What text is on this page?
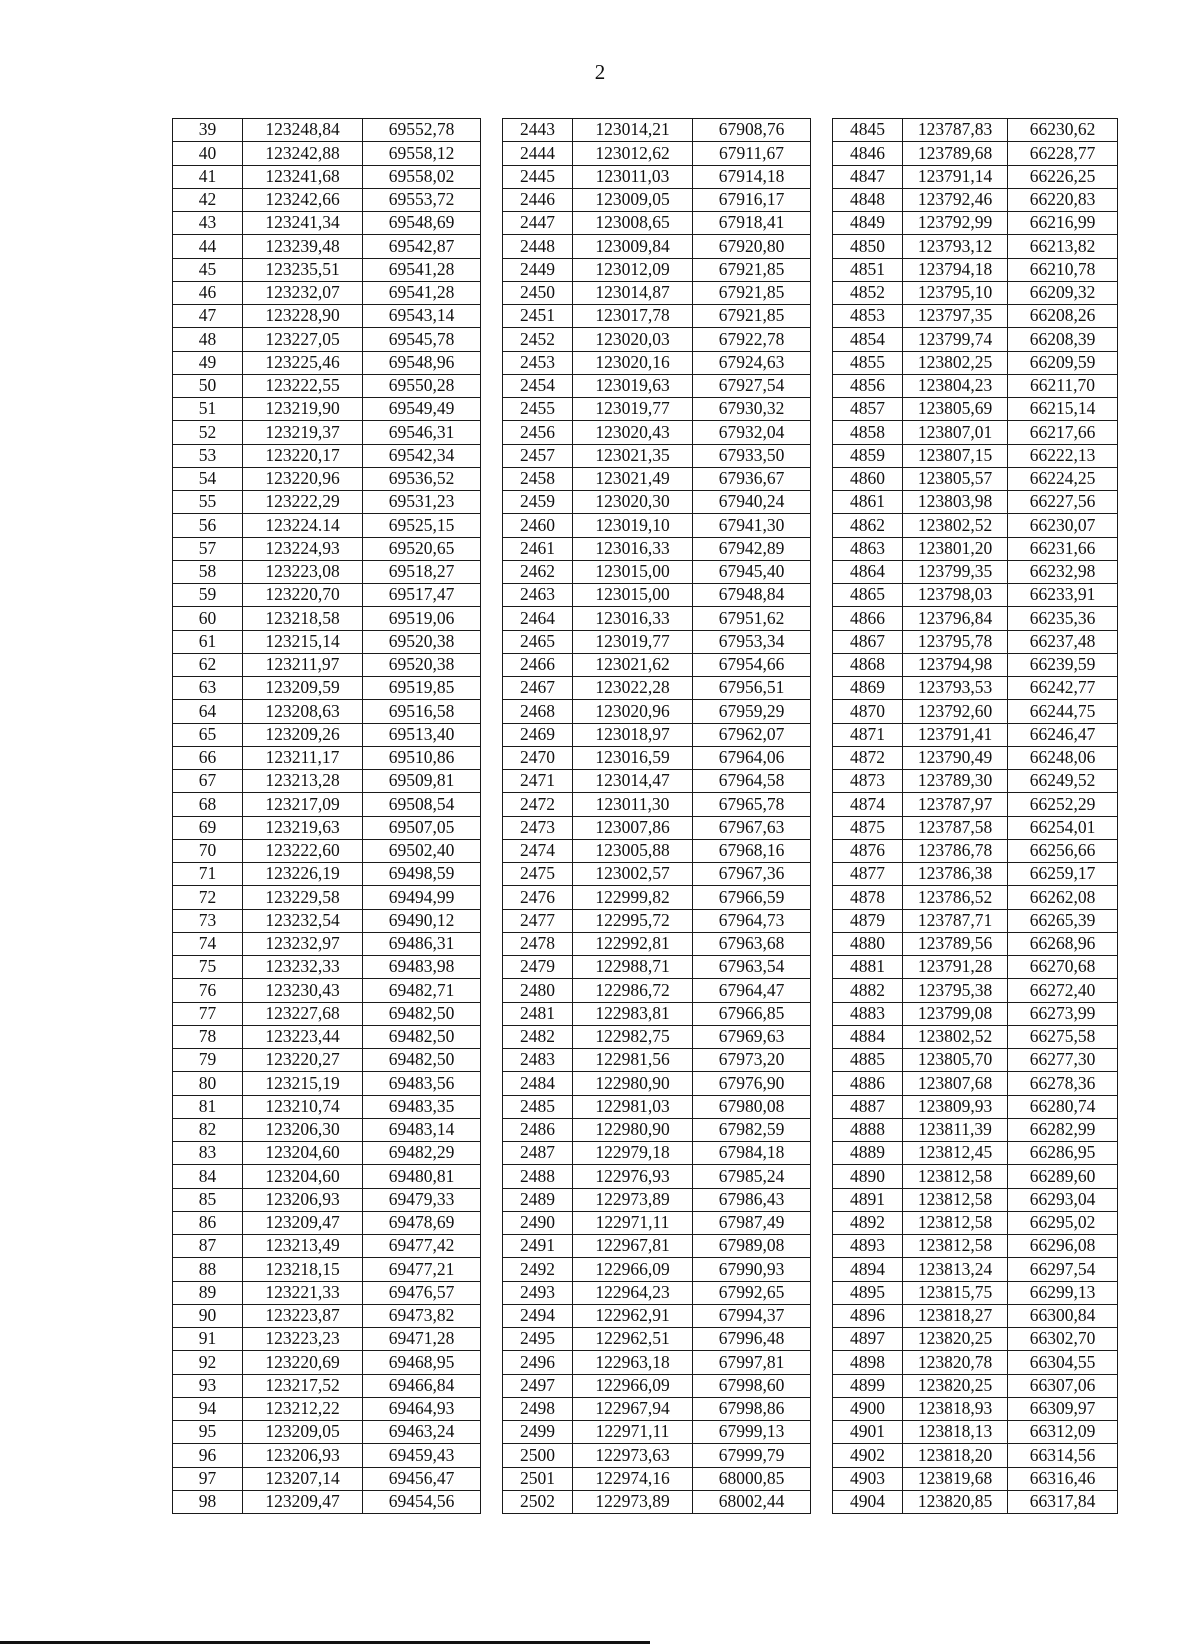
2
39	123248,84	69552,78		2443	123014,21	67908,76		4845	123787,83	66230,62
40	123242,88	69558,12		2444	123012,62	67911,67		4846	123789,68	66228,77
41	123241,68	69558,02		2445	123011,03	67914,18		4847	123791,14	66226,25
42	123242,66	69553,72		2446	123009,05	67916,17		4848	123792,46	66220,83
43	123241,34	69548,69		2447	123008,65	67918,41		4849	123792,99	66216,99
44	123239,48	69542,87		2448	123009,84	67920,80		4850	123793,12	66213,82
45	123235,51	69541,28		2449	123012,09	67921,85		4851	123794,18	66210,78
46	123232,07	69541,28		2450	123014,87	67921,85		4852	123795,10	66209,32
47	123228,90	69543,14		2451	123017,78	67921,85		4853	123797,35	66208,26
48	123227,05	69545,78		2452	123020,03	67922,78		4854	123799,74	66208,39
49	123225,46	69548,96		2453	123020,16	67924,63		4855	123802,25	66209,59
50	123222,55	69550,28		2454	123019,63	67927,54		4856	123804,23	66211,70
51	123219,90	69549,49		2455	123019,77	67930,32		4857	123805,69	66215,14
52	123219,37	69546,31		2456	123020,43	67932,04		4858	123807,01	66217,66
53	123220,17	69542,34		2457	123021,35	67933,50		4859	123807,15	66222,13
54	123220,96	69536,52		2458	123021,49	67936,67		4860	123805,57	66224,25
55	123222,29	69531,23		2459	123020,30	67940,24		4861	123803,98	66227,56
56	123224.14	69525,15		2460	123019,10	67941,30		4862	123802,52	66230,07
57	123224,93	69520,65		2461	123016,33	67942,89		4863	123801,20	66231,66
58	123223,08	69518,27		2462	123015,00	67945,40		4864	123799,35	66232,98
59	123220,70	69517,47		2463	123015,00	67948,84		4865	123798,03	66233,91
60	123218,58	69519,06		2464	123016,33	67951,62		4866	123796,84	66235,36
61	123215,14	69520,38		2465	123019,77	67953,34		4867	123795,78	66237,48
62	123211,97	69520,38		2466	123021,62	67954,66		4868	123794,98	66239,59
63	123209,59	69519,85		2467	123022,28	67956,51		4869	123793,53	66242,77
64	123208,63	69516,58		2468	123020,96	67959,29		4870	123792,60	66244,75
65	123209,26	69513,40		2469	123018,97	67962,07		4871	123791,41	66246,47
66	123211,17	69510,86		2470	123016,59	67964,06		4872	123790,49	66248,06
67	123213,28	69509,81		2471	123014,47	67964,58		4873	123789,30	66249,52
68	123217,09	69508,54		2472	123011,30	67965,78		4874	123787,97	66252,29
69	123219,63	69507,05		2473	123007,86	67967,63		4875	123787,58	66254,01
70	123222,60	69502,40		2474	123005,88	67968,16		4876	123786,78	66256,66
71	123226,19	69498,59		2475	123002,57	67967,36		4877	123786,38	66259,17
72	123229,58	69494,99		2476	122999,82	67966,59		4878	123786,52	66262,08
73	123232,54	69490,12		2477	122995,72	67964,73		4879	123787,71	66265,39
74	123232,97	69486,31		2478	122992,81	67963,68		4880	123789,56	66268,96
75	123232,33	69483,98		2479	122988,71	67963,54		4881	123791,28	66270,68
76	123230,43	69482,71		2480	122986,72	67964,47		4882	123795,38	66272,40
77	123227,68	69482,50		2481	122983,81	67966,85		4883	123799,08	66273,99
78	123223,44	69482,50		2482	122982,75	67969,63		4884	123802,52	66275,58
79	123220,27	69482,50		2483	122981,56	67973,20		4885	123805,70	66277,30
80	123215,19	69483,56		2484	122980,90	67976,90		4886	123807,68	66278,36
81	123210,74	69483,35		2485	122981,03	67980,08		4887	123809,93	66280,74
82	123206,30	69483,14		2486	122980,90	67982,59		4888	123811,39	66282,99
83	123204,60	69482,29		2487	122979,18	67984,18		4889	123812,45	66286,95
84	123204,60	69480,81		2488	122976,93	67985,24		4890	123812,58	66289,60
85	123206,93	69479,33		2489	122973,89	67986,43		4891	123812,58	66293,04
86	123209,47	69478,69		2490	122971,11	67987,49		4892	123812,58	66295,02
87	123213,49	69477,42		2491	122967,81	67989,08		4893	123812,58	66296,08
88	123218,15	69477,21		2492	122966,09	67990,93		4894	123813,24	66297,54
89	123221,33	69476,57		2493	122964,23	67992,65		4895	123815,75	66299,13
90	123223,87	69473,82		2494	122962,91	67994,37		4896	123818,27	66300,84
91	123223,23	69471,28		2495	122962,51	67996,48		4897	123820,25	66302,70
92	123220,69	69468,95		2496	122963,18	67997,81		4898	123820,78	66304,55
93	123217,52	69466,84		2497	122966,09	67998,60		4899	123820,25	66307,06
94	123212,22	69464,93		2498	122967,94	67998,86		4900	123818,93	66309,97
95	123209,05	69463,24		2499	122971,11	67999,13		4901	123818,13	66312,09
96	123206,93	69459,43		2500	122973,63	67999,79		4902	123818,20	66314,56
97	123207,14	69456,47		2501	122974,16	68000,85		4903	123819,68	66316,46
98	123209,47	69454,56		2502	122973,89	68002,44		4904	123820,85	66317,84
